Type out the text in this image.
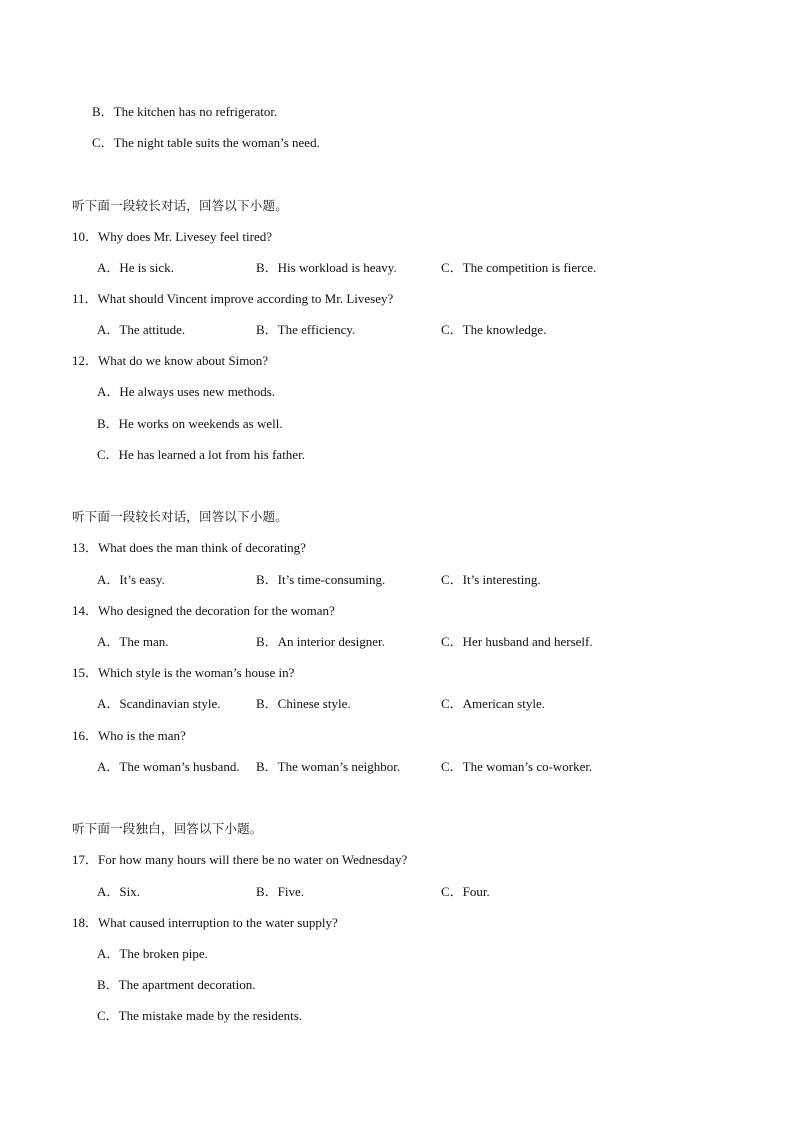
B．The kitchen has no refrigerator.
C．The night table suits the woman’s need.
听下面一段较长对话，回答以下小题。
10．Why does Mr. Livesey feel tired?
A．He is sick.	B．His workload is heavy.	C．The competition is fierce.
11．What should Vincent improve according to Mr. Livesey?
A．The attitude.	B．The efficiency.	C．The knowledge.
12．What do we know about Simon?
A．He always uses new methods.
B．He works on weekends as well.
C．He has learned a lot from his father.
听下面一段较长对话，回答以下小题。
13．What does the man think of decorating?
A．It’s easy.	B．It’s time-consuming.	C．It’s interesting.
14．Who designed the decoration for the woman?
A．The man.	B．An interior designer.	C．Her husband and herself.
15．Which style is the woman’s house in?
A．Scandinavian style.	B．Chinese style.	C．American style.
16．Who is the man?
A．The woman’s husband. B．The woman’s neighbor.	C．The woman’s co-worker.
听下面一段独白，回答以下小题。
17．For how many hours will there be no water on Wednesday?
A．Six.	B．Five.	C．Four.
18．What caused interruption to the water supply?
A．The broken pipe.
B．The apartment decoration.
C．The mistake made by the residents.
